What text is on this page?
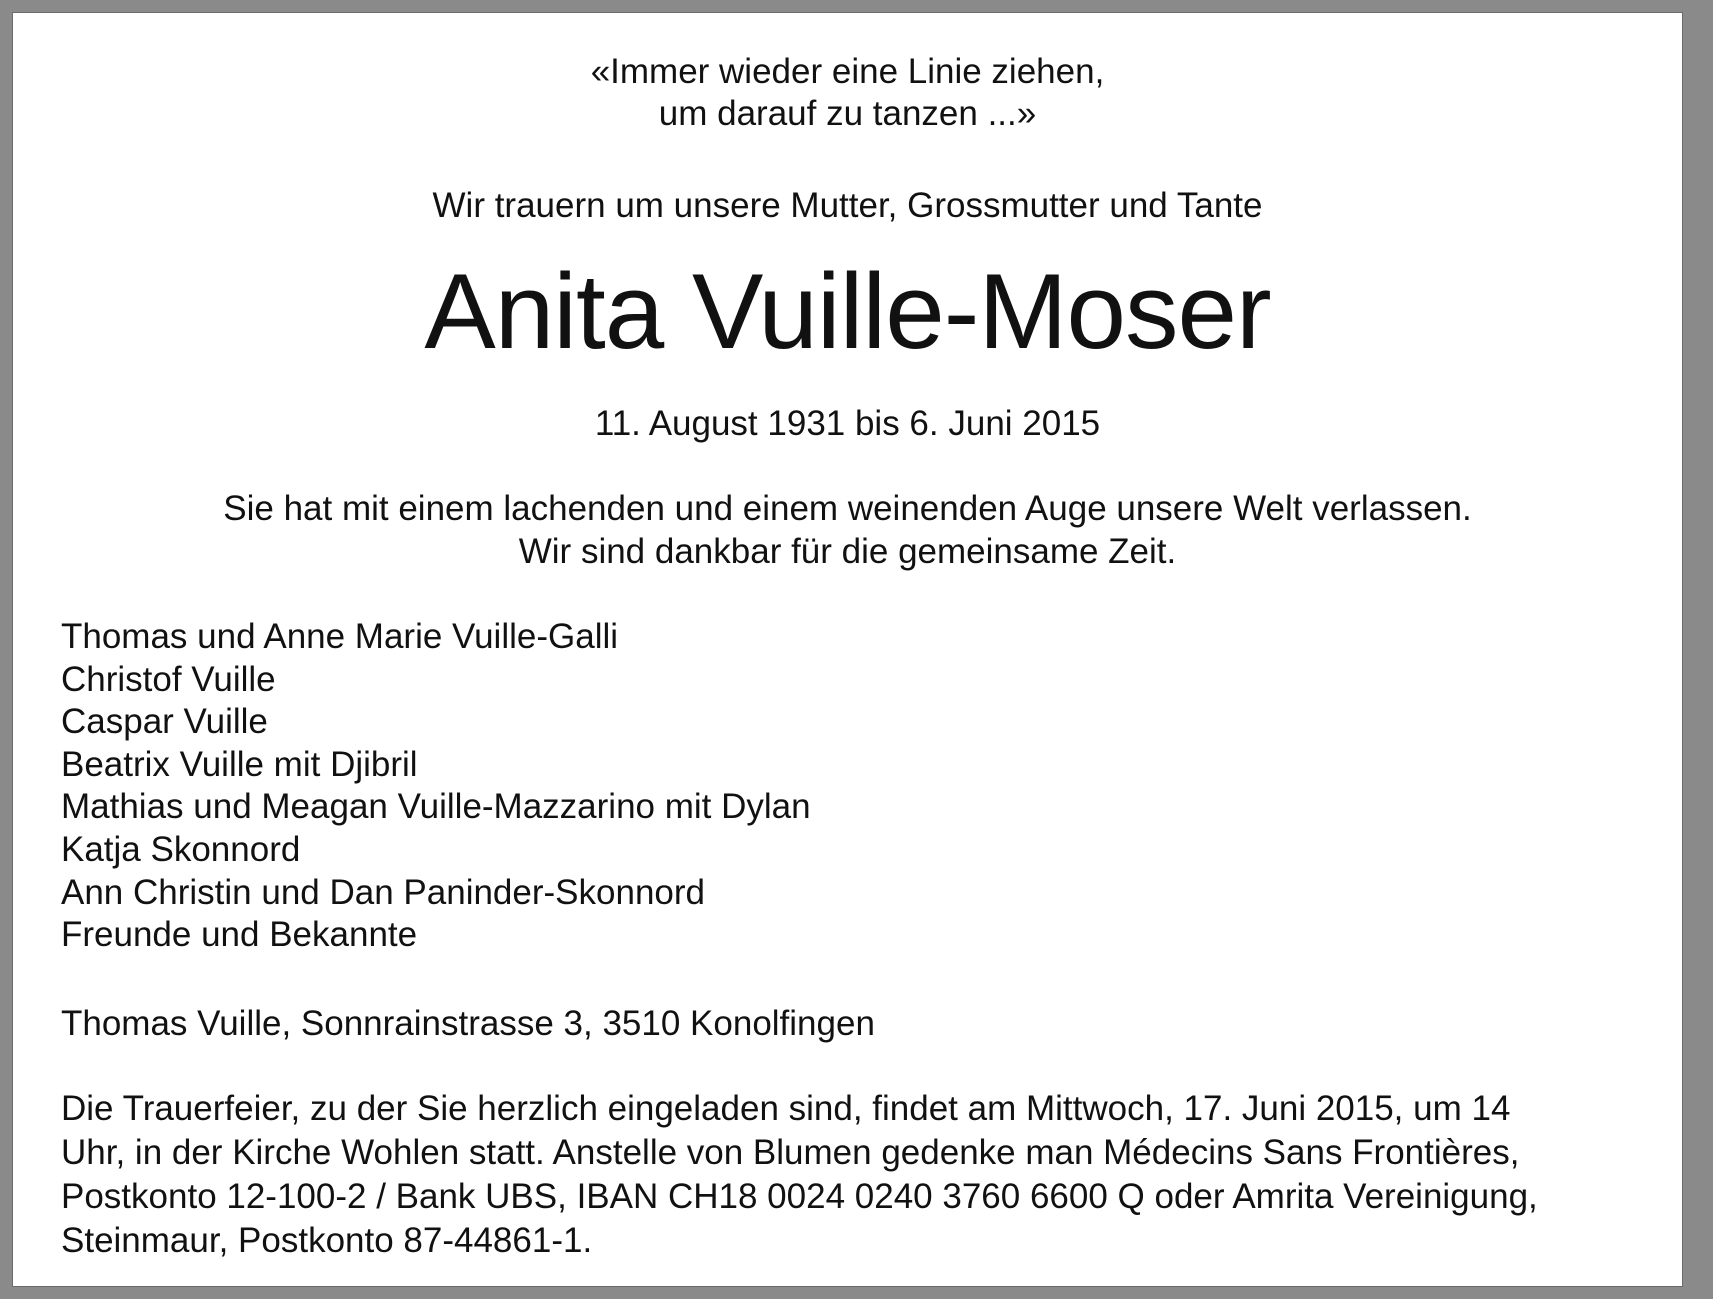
«Immer wieder eine Linie ziehen,
um darauf zu tanzen ...»
Wir trauern um unsere Mutter, Grossmutter und Tante
Anita Vuille-Moser
11. August 1931 bis 6. Juni 2015
Sie hat mit einem lachenden und einem weinenden Auge unsere Welt verlassen.
Wir sind dankbar für die gemeinsame Zeit.
Thomas und Anne Marie Vuille-Galli
Christof Vuille
Caspar Vuille
Beatrix Vuille mit Djibril
Mathias und Meagan Vuille-Mazzarino mit Dylan
Katja Skonnord
Ann Christin und Dan Paninder-Skonnord
Freunde und Bekannte
Thomas Vuille, Sonnrainstrasse 3, 3510 Konolfingen
Die Trauerfeier, zu der Sie herzlich eingeladen sind, findet am Mittwoch, 17. Juni 2015, um 14
Uhr, in der Kirche Wohlen statt. Anstelle von Blumen gedenke man Médecins Sans Frontières,
Postkonto 12-100-2 / Bank UBS, IBAN CH18 0024 0240 3760 6600 Q oder Amrita Vereinigung,
Steinmaur, Postkonto 87-44861-1.
